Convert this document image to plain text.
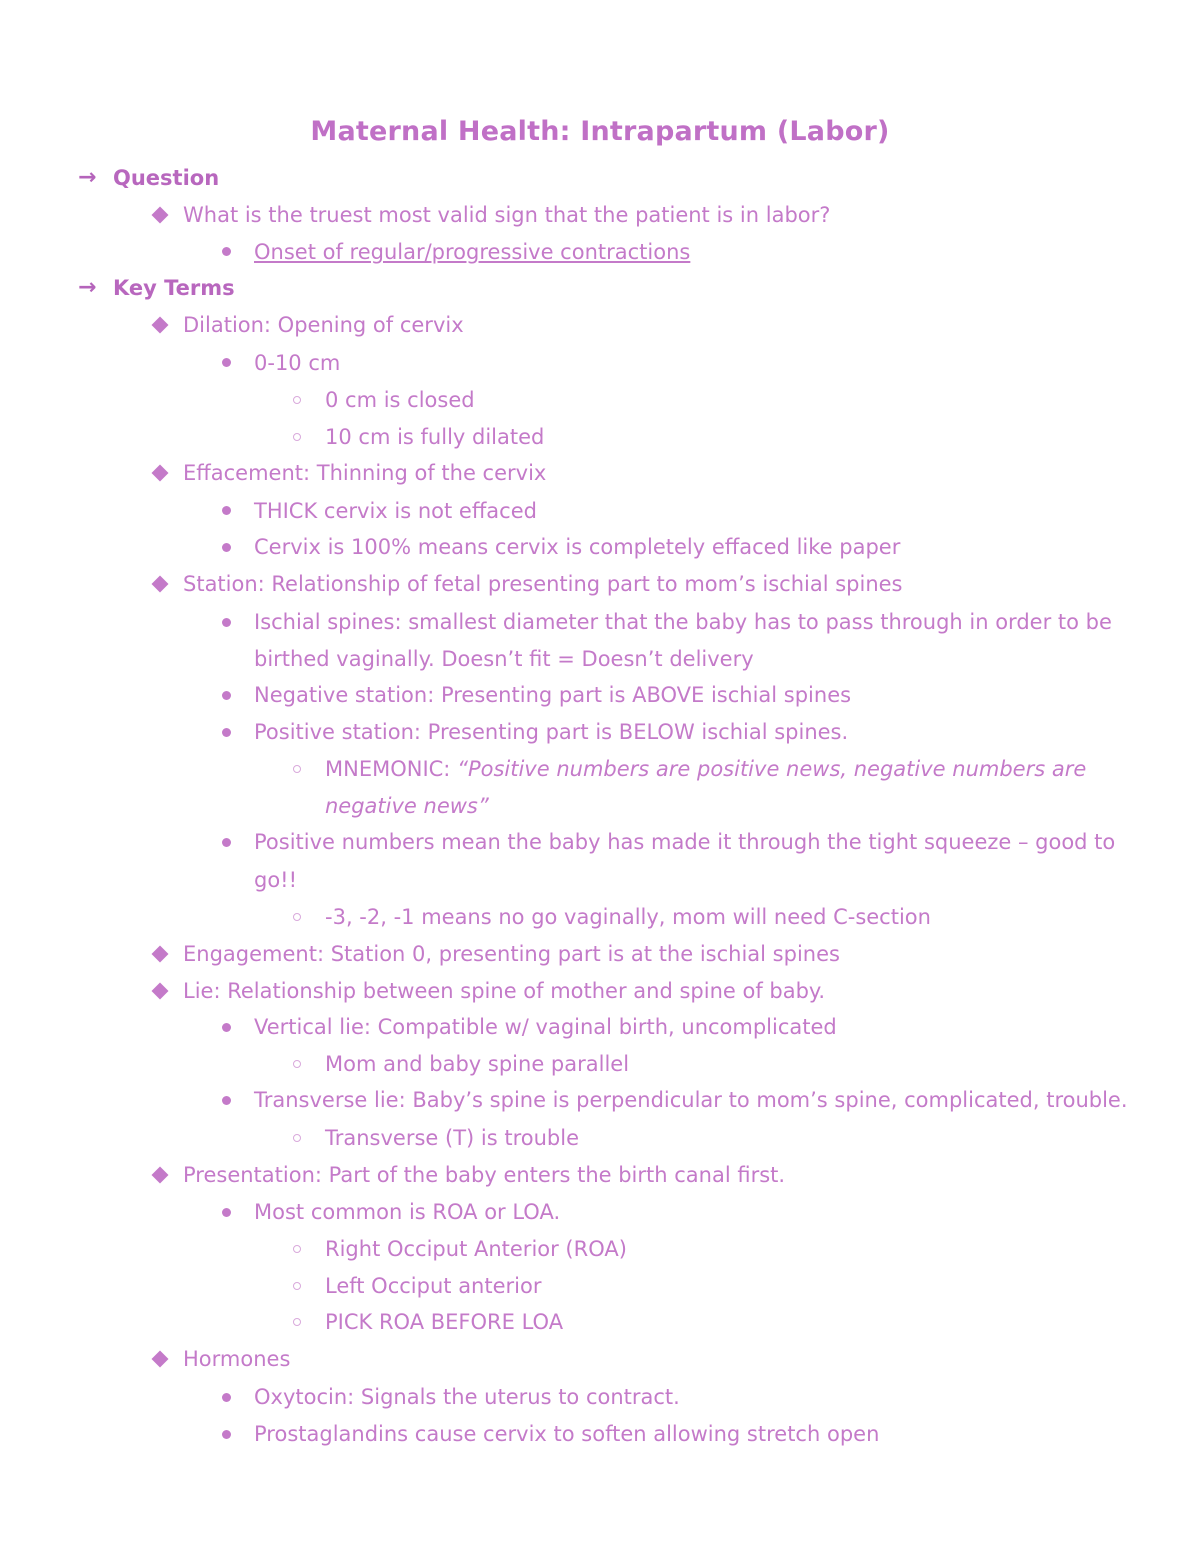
Maternal Health: Intrapartum (Labor)
→ Question
What is the truest most valid sign that the patient is in labor?
Onset of regular/progressive contractions
→ Key Terms
Dilation: Opening of cervix
0-10 cm
0 cm is closed
10 cm is fully dilated
Effacement: Thinning of the cervix
THICK cervix is not effaced
Cervix is 100% means cervix is completely effaced like paper
Station: Relationship of fetal presenting part to mom’s ischial spines
Ischial spines: smallest diameter that the baby has to pass through in order to be
birthed vaginally. Doesn’t fit = Doesn’t delivery
Negative station: Presenting part is ABOVE ischial spines
Positive station: Presenting part is BELOW ischial spines.
MNEMONIC: “Positive numbers are positive news, negative numbers are
negative news”
Positive numbers mean the baby has made it through the tight squeeze – good to
go!!
-3, -2, -1 means no go vaginally, mom will need C-section
Engagement: Station 0, presenting part is at the ischial spines
Lie: Relationship between spine of mother and spine of baby.
Vertical lie: Compatible w/ vaginal birth, uncomplicated
Mom and baby spine parallel
Transverse lie: Baby’s spine is perpendicular to mom’s spine, complicated, trouble.
Transverse (T) is trouble
Presentation: Part of the baby enters the birth canal first.
Most common is ROA or LOA.
Right Occiput Anterior (ROA)
Left Occiput anterior
PICK ROA BEFORE LOA
Hormones
Oxytocin: Signals the uterus to contract.
Prostaglandins cause cervix to soften allowing stretch open
